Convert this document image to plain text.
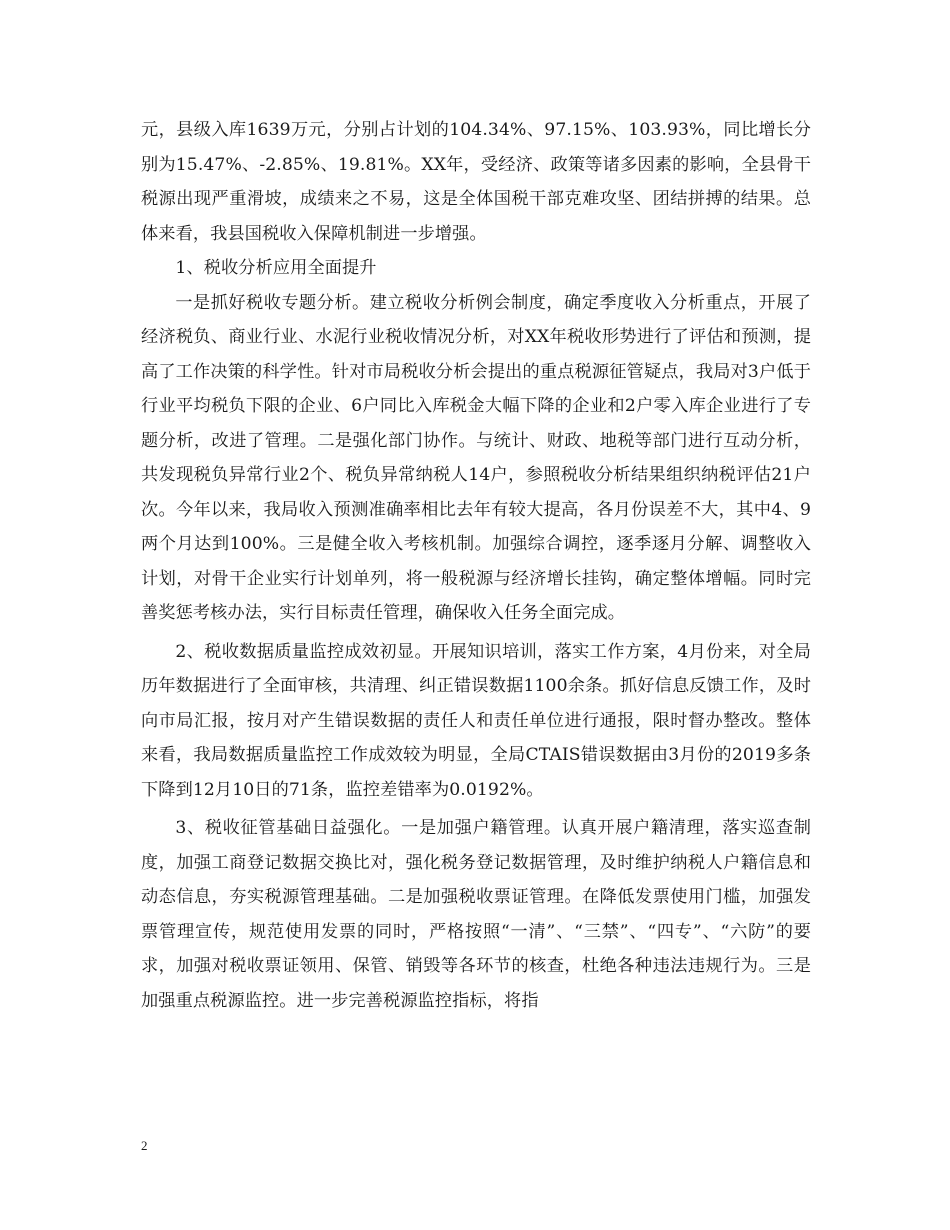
元，县级入库1639万元，分别占计划的104.34%、97.15%、103.93%，同比增长分别为15.47%、-2.85%、19.81%。XX年，受经济、政策等诸多因素的影响，全县骨干税源出现严重滑坡，成绩来之不易，这是全体国税干部克难攻坚、团结拼搏的结果。总体来看，我县国税收入保障机制进一步增强。

1、税收分析应用全面提升

一是抓好税收专题分析。建立税收分析例会制度，确定季度收入分析重点，开展了经济税负、商业行业、水泥行业税收情况分析，对XX年税收形势进行了评估和预测，提高了工作决策的科学性。针对市局税收分析会提出的重点税源征管疑点，我局对3户低于行业平均税负下限的企业、6户同比入库税金大幅下降的企业和2户零入库企业进行了专题分析，改进了管理。二是强化部门协作。与统计、财政、地税等部门进行互动分析，共发现税负异常行业2个、税负异常纳税人14户，参照税收分析结果组织纳税评估21户次。今年以来，我局收入预测准确率相比去年有较大提高，各月份误差不大，其中4、9两个月达到100%。三是健全收入考核机制。加强综合调控，逐季逐月分解、调整收入计划，对骨干企业实行计划单列，将一般税源与经济增长挂钩，确定整体增幅。同时完善奖惩考核办法，实行目标责任管理，确保收入任务全面完成。

2、税收数据质量监控成效初显。开展知识培训，落实工作方案，4月份来，对全局历年数据进行了全面审核，共清理、纠正错误数据1100余条。抓好信息反馈工作，及时向市局汇报，按月对产生错误数据的责任人和责任单位进行通报，限时督办整改。整体来看，我局数据质量监控工作成效较为明显，全局CTAIS错误数据由3月份的2019多条下降到12月10日的71条，监控差错率为0.0192%。

3、税收征管基础日益强化。一是加强户籍管理。认真开展户籍清理，落实巡查制度，加强工商登记数据交换比对，强化税务登记数据管理，及时维护纳税人户籍信息和动态信息，夯实税源管理基础。二是加强税收票证管理。在降低发票使用门槛，加强发票管理宣传，规范使用发票的同时，严格按照“一清”、“三禁”、“四专”、“六防”的要求，加强对税收票证领用、保管、销毁等各环节的核查，杜绝各种违法违规行为。三是加强重点税源监控。进一步完善税源监控指标，将指

2
